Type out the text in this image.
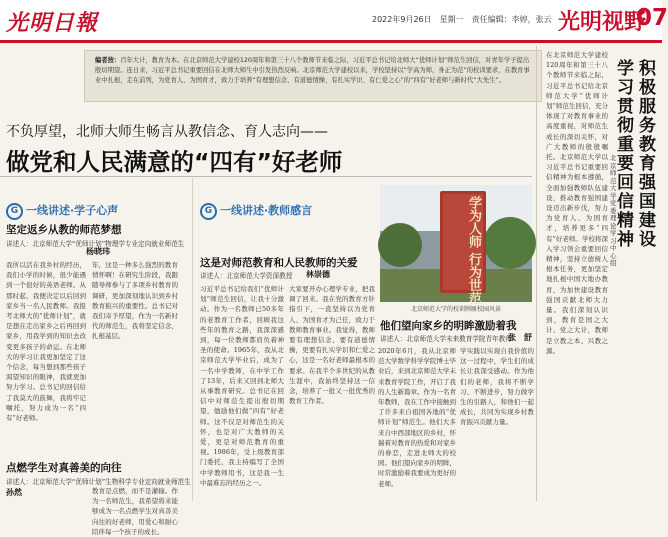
光明日報	2022年9月26日　星期一　责任编辑：李婷，张云 光明视野
07
编者按：百年大计，教育为本。在北京师范大学建校120周年和第三十八个教师节来临之际，习近平总书记给北师大“优师计划”师范生回信，对青年学子提出殷切期望。连日来，习近平总书记重要回信在北师大师生中引发热烈反响。北京师范大学建校以来，学校坚持以“学高为师，身正为范”的校训要求，在教育事业中扎根，走在前列，为党育人、为国育才，致力于培养“有理想信念、有道德情操、有扎实学识、有仁爱之心”的“四有”好老师与新时代“大先生”。
不负厚望，北师大师生畅言从教信念、育人志向——
做党和人民满意的“四有”好老师
G 一线讲述·学子心声
坚定返乡从教的师范梦想
讲述人：北京师范大学“优师计划”物理学专业定向就业师范生
杨晓玮
我所以活在我乡村的经历，我们小学的时候，很少能遇到一个很好的英语老师。从那时起，我便决定以后回到家乡当一名人民教师。我报考北师大的“优师计划”，就是想在走出家乡之后再回到家乡，用我学到的知识去改变更多孩子的命运。在北师大的学习让我更加坚定了这个信念，每当想到那些孩子渴望知识的眼神，我就更加努力学习。总书记的回信给了我莫大的鼓舞，我将牢记嘱托，努力成为一名“四有”好老师。
年，这是一种多么强烈的教育情怀啊！在研究生阶段，我跟随导师参与了多项乡村教育的调研，更加深刻地认识到乡村教育振兴的重要性。总书记对我们寄予厚望，作为一名新时代的师范生，我将坚定信念，扎根基层。
点燃学生对真善美的向往
讲述人：北京师范大学“优师计划”生物科学专业定向就业师范生
孙然	教育是点燃，而不是灌输。作为一名师范生，我希望将来能够成为一名点燃学生对真善美向往的好老师，用爱心和耐心陪伴每一个孩子的成长。
G 一线讲述·教师感言
这是对师范教育和人民教师的关爱
讲述人：北京师范大学资深教授 林崇德
习近平总书记给我们“优师计划”师范生回信，让我十分激动。作为一名教师已50多年的老教育工作者，回顾我这些年的教育之路，我深深感到，每一位教师都肩负着神圣的使命。1965年，我从北京师范大学毕业后，成为了一名中学教师，在中学工作了13年，后来又回到北师大从事教育研究。总书记在回信中对师范生提出殷切期望，勉励他们做“四有”好老师。这不仅是对师范生的关怀，也是对广大教师的关爱，更是对师范教育的重视。1986年，受上级教育部门委托，我主持编写了全国中学教师用书，这是我一生中最难忘的经历之一。
大家要开办心理学专业，把我调了回来。我在党的教育方针指引下，一直坚持以为党育人、为国育才为己任，致力于教师教育事业。我觉得，教师要有理想信念，要有道德情操，更要有扎实学识和仁爱之心，这是一名好老师最根本的要求。在我半个多世纪的从教生涯中，我始终坚持这一信念，培养了一批又一批优秀的教育工作者。
学为人师 行为世范
北京师范大学的校训牌匾校园风景
他们望向家乡的明眸激励着我
讲述人：北京师范大学未来教育学院青年教师
张　舒
2020年6月，我从北京师范大学数学科学学院博士毕业后，来到北京师范大学未来教育学院工作，开启了我的人生新篇章。作为一名青年教师，我在工作中接触到了许多来自祖国各地的“优师计划”师范生。他们大多来自中西部地区的乡村，怀揣着对教育的热爱和对家乡的眷恋，走进北师大的校园。他们望向家乡的明眸，时常激励着我要成为更好的老师。
学实践以实现自我价值的这一过程中，学生们的成长让我深受感动。作为他们的老师，我将不断学习、不断进步，努力做学生的引路人，和他们一起成长，共同为实现乡村教育振兴贡献力量。
在北京师范大学建校120周年和第三十八个教师节来临之际，习近平总书记给北京师范大学“优师计划”师范生回信，充分体现了对教育事业的高度重视，对师范生成长的深切关怀，对广大教师的殷殷嘱托。北京师范大学以习近平总书记重要回信精神为根本遵循，全面加强教师队伍建设，推动教育强国建设迈出新步伐，努力为党育人、为国育才，培养更多“四有”好老师。学校将深入学习领会重要回信精神，坚持立德树人根本任务，更加坚定地扎根中国大地办教育，为加快建设教育强国贡献北师大力量。我们深刻认识到，教育是国之大计、党之大计，教师是立教之本、兴教之源。
学习贯彻重要回信精神
积极服务教育强国建设
北京师范大学党委理论学习中心组
